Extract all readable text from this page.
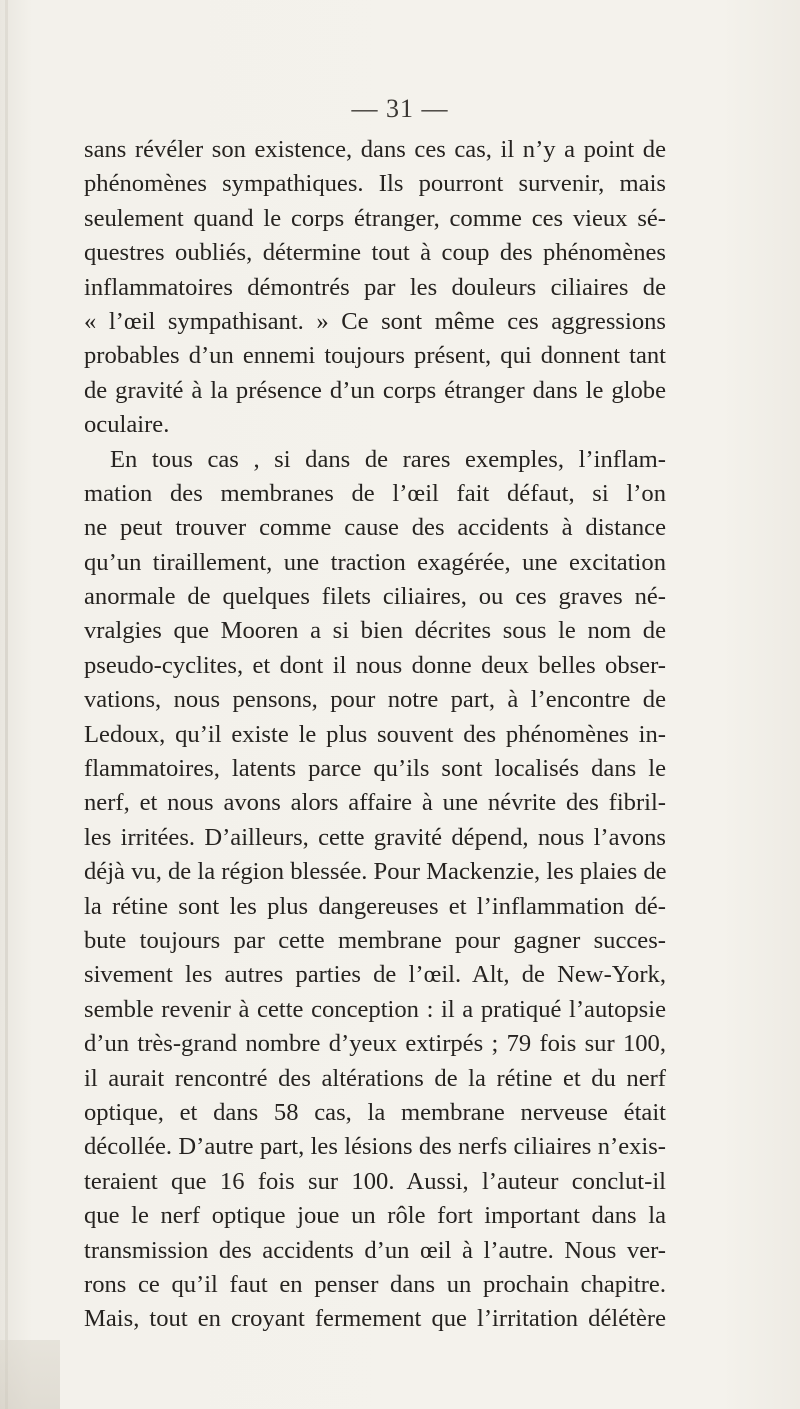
— 31 —
sans révéler son existence, dans ces cas, il n’y a point de
phénomènes sympathiques. Ils pourront survenir, mais
seulement quand le corps étranger, comme ces vieux sé-
questres oubliés, détermine tout à coup des phénomènes
inflammatoires démontrés par les douleurs ciliaires de
« l’œil sympathisant. » Ce sont même ces aggressions
probables d’un ennemi toujours présent, qui donnent tant
de gravité à la présence d’un corps étranger dans le globe
oculaire.
En tous cas , si dans de rares exemples, l’inflam-
mation des membranes de l’œil fait défaut, si l’on
ne peut trouver comme cause des accidents à distance
qu’un tiraillement, une traction exagérée, une excitation
anormale de quelques filets ciliaires, ou ces graves né-
vralgies que Mooren a si bien décrites sous le nom de
pseudo-cyclites, et dont il nous donne deux belles obser-
vations, nous pensons, pour notre part, à l’encontre de
Ledoux, qu’il existe le plus souvent des phénomènes in-
flammatoires, latents parce qu’ils sont localisés dans le
nerf, et nous avons alors affaire à une névrite des fibril-
les irritées. D’ailleurs, cette gravité dépend, nous l’avons
déjà vu, de la région blessée. Pour Mackenzie, les plaies de
la rétine sont les plus dangereuses et l’inflammation dé-
bute toujours par cette membrane pour gagner succes-
sivement les autres parties de l’œil. Alt, de New-York,
semble revenir à cette conception : il a pratiqué l’autopsie
d’un très-grand nombre d’yeux extirpés ; 79 fois sur 100,
il aurait rencontré des altérations de la rétine et du nerf
optique, et dans 58 cas, la membrane nerveuse était
décollée. D’autre part, les lésions des nerfs ciliaires n’exis-
teraient que 16 fois sur 100. Aussi, l’auteur conclut-il
que le nerf optique joue un rôle fort important dans la
transmission des accidents d’un œil à l’autre. Nous ver-
rons ce qu’il faut en penser dans un prochain chapitre.
Mais, tout en croyant fermement que l’irritation délétère
